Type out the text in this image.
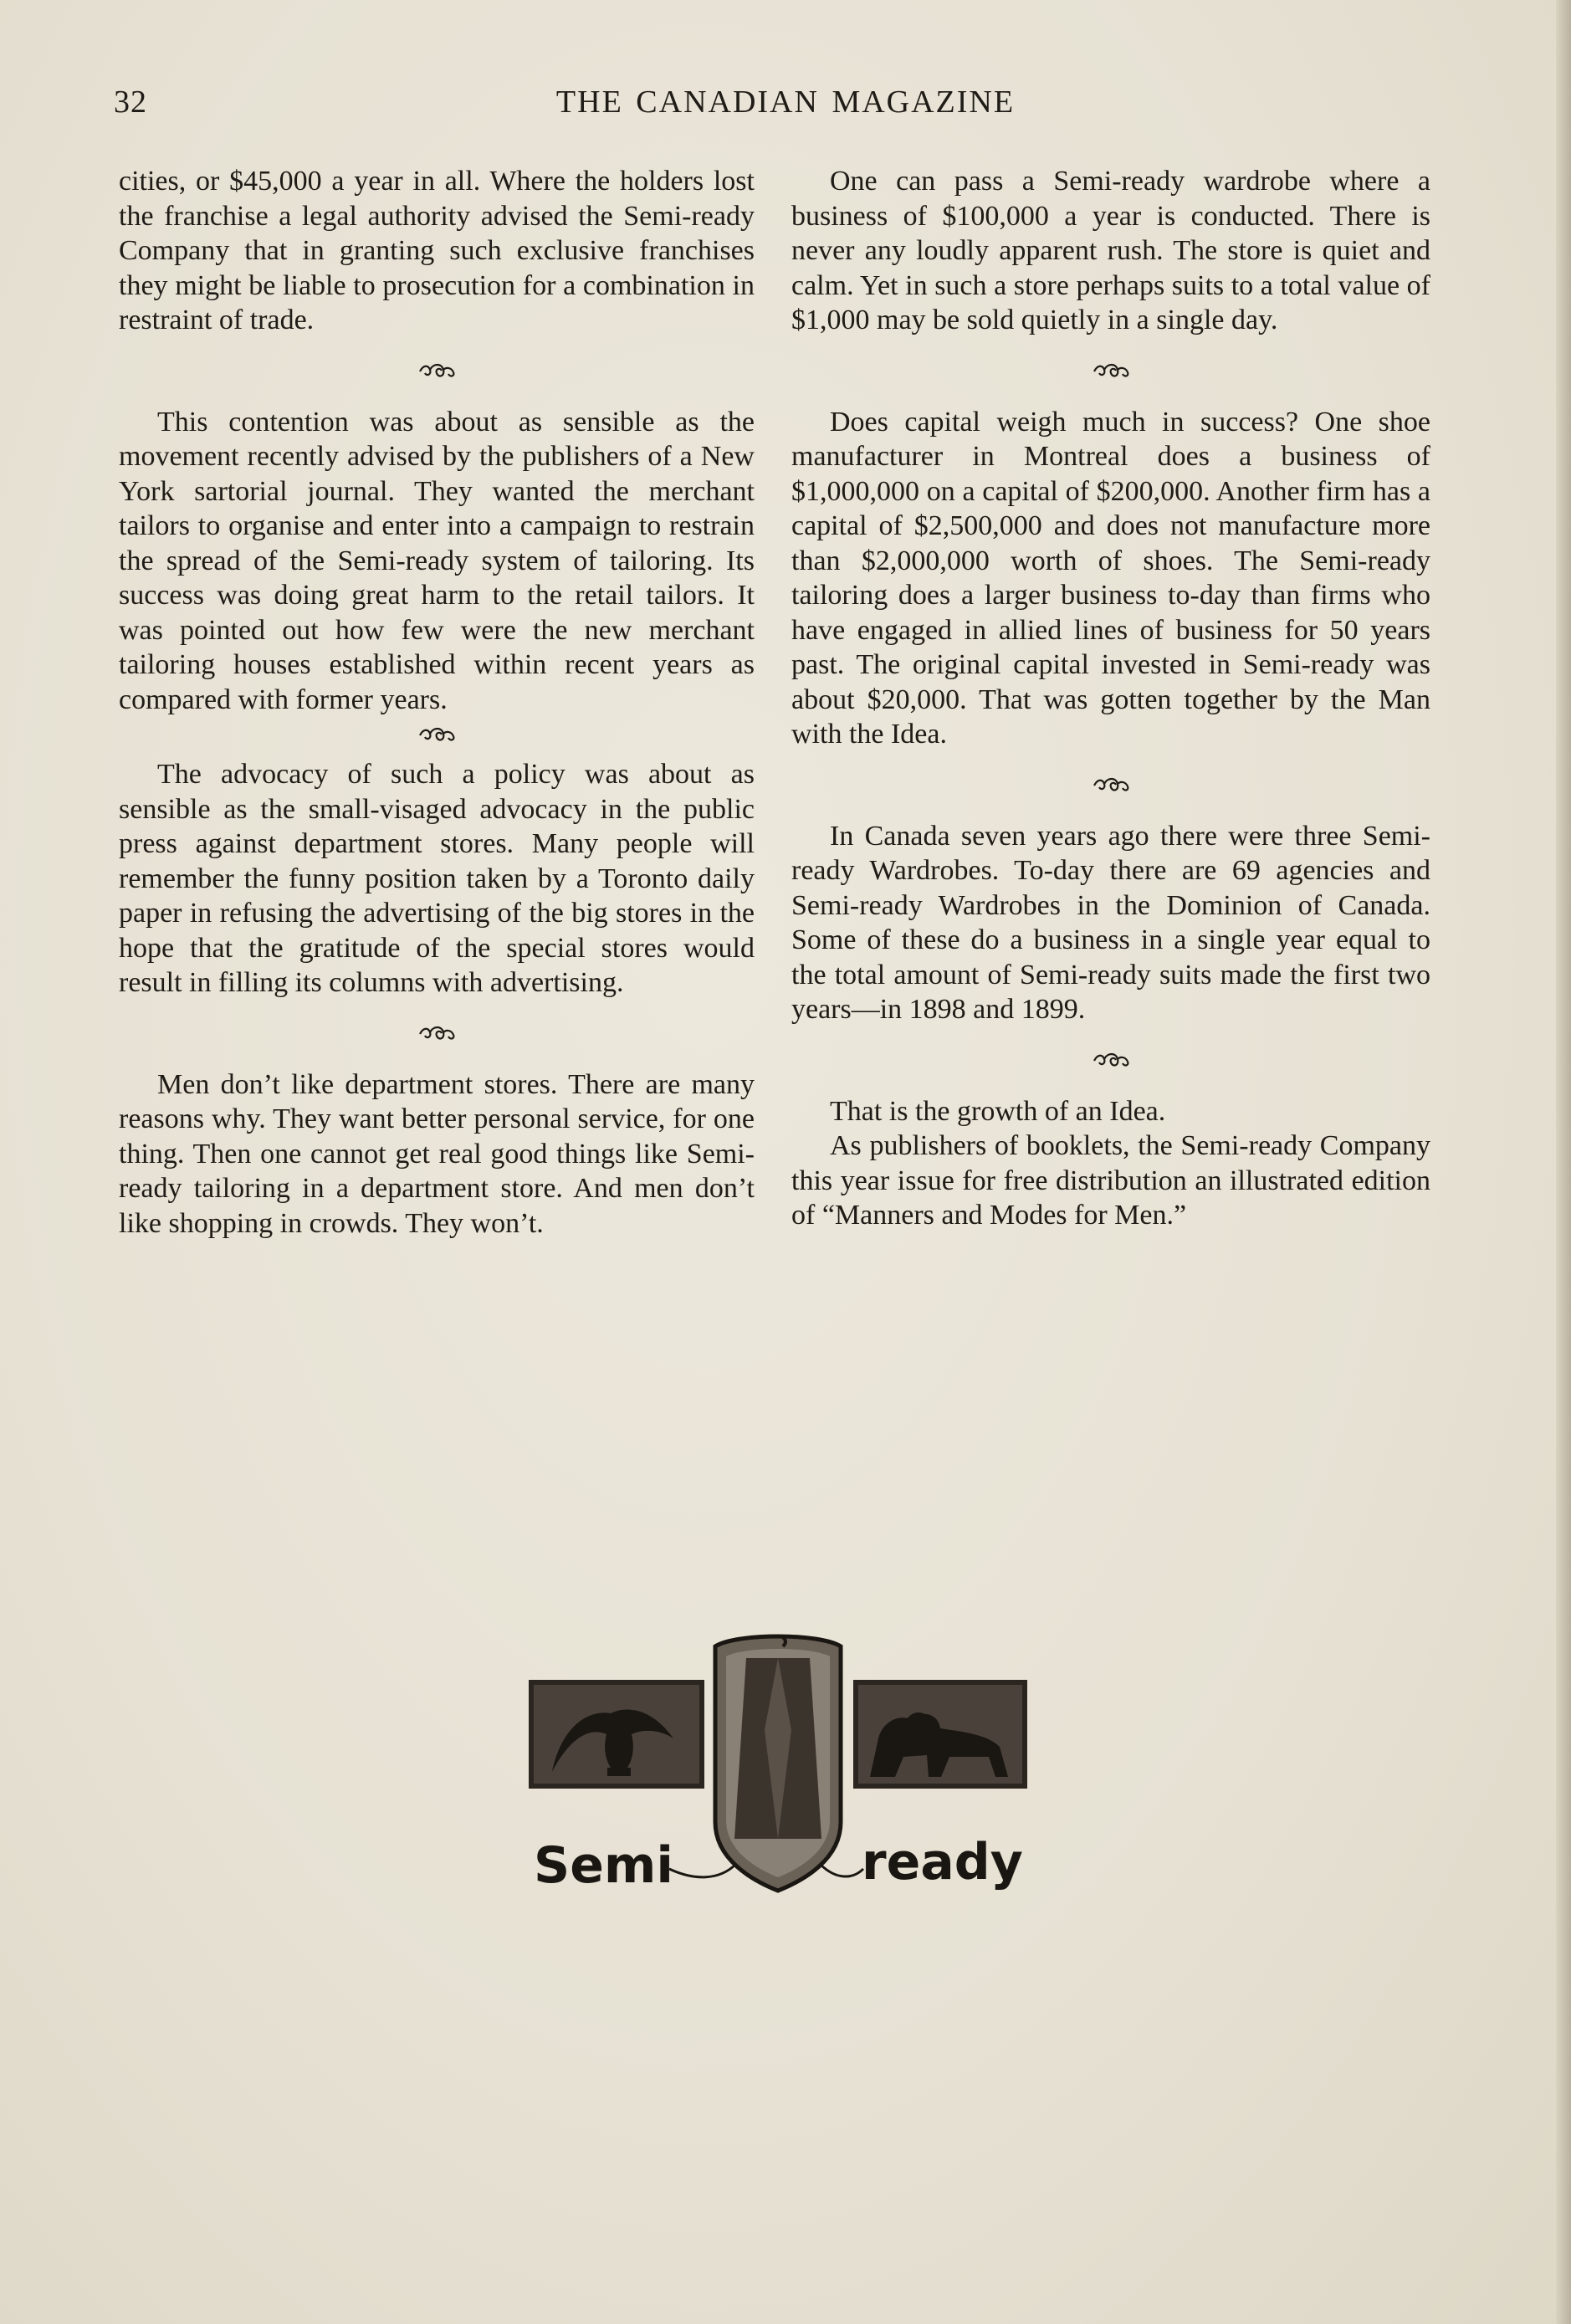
32	THE CANADIAN MAGAZINE

cities, or $45,000 a year in all. Where the holders lost the franchise a legal authority advised the Semi-ready Company that in granting such exclusive franchises they might be liable to prosecution for a combination in restraint of trade.

This contention was about as sensible as the movement recently advised by the publishers of a New York sartorial journal. They wanted the merchant tailors to organise and enter into a campaign to restrain the spread of the Semi-ready system of tailoring. Its success was doing great harm to the retail tailors. It was pointed out how few were the new merchant tailoring houses established within recent years as compared with former years.

The advocacy of such a policy was about as sensible as the small-visaged advocacy in the public press against department stores. Many people will remember the funny position taken by a Toronto daily paper in refusing the advertising of the big stores in the hope that the gratitude of the special stores would result in filling its columns with advertising.

Men don’t like department stores. There are many reasons why. They want better personal service, for one thing. Then one cannot get real good things like Semi-ready tailoring in a department store. And men don’t like shopping in crowds. They won’t.

One can pass a Semi-ready wardrobe where a business of $100,000 a year is conducted. There is never any loudly apparent rush. The store is quiet and calm. Yet in such a store perhaps suits to a total value of $1,000 may be sold quietly in a single day.

Does capital weigh much in success? One shoe manufacturer in Montreal does a business of $1,000,000 on a capital of $200,000. Another firm has a capital of $2,500,000 and does not manufacture more than $2,000,000 worth of shoes. The Semi-ready tailoring does a larger business to-day than firms who have engaged in allied lines of business for 50 years past. The original capital invested in Semi-ready was about $20,000. That was gotten together by the Man with the Idea.

In Canada seven years ago there were three Semi-ready Wardrobes. To-day there are 69 agencies and Semi-ready Wardrobes in the Dominion of Canada. Some of these do a business in a single year equal to the total amount of Semi-ready suits made the first two years—in 1898 and 1899.

That is the growth of an Idea.

As publishers of booklets, the Semi-ready Company this year issue for free distribution an illustrated edition of “Manners and Modes for Men.”

Semi	ready
